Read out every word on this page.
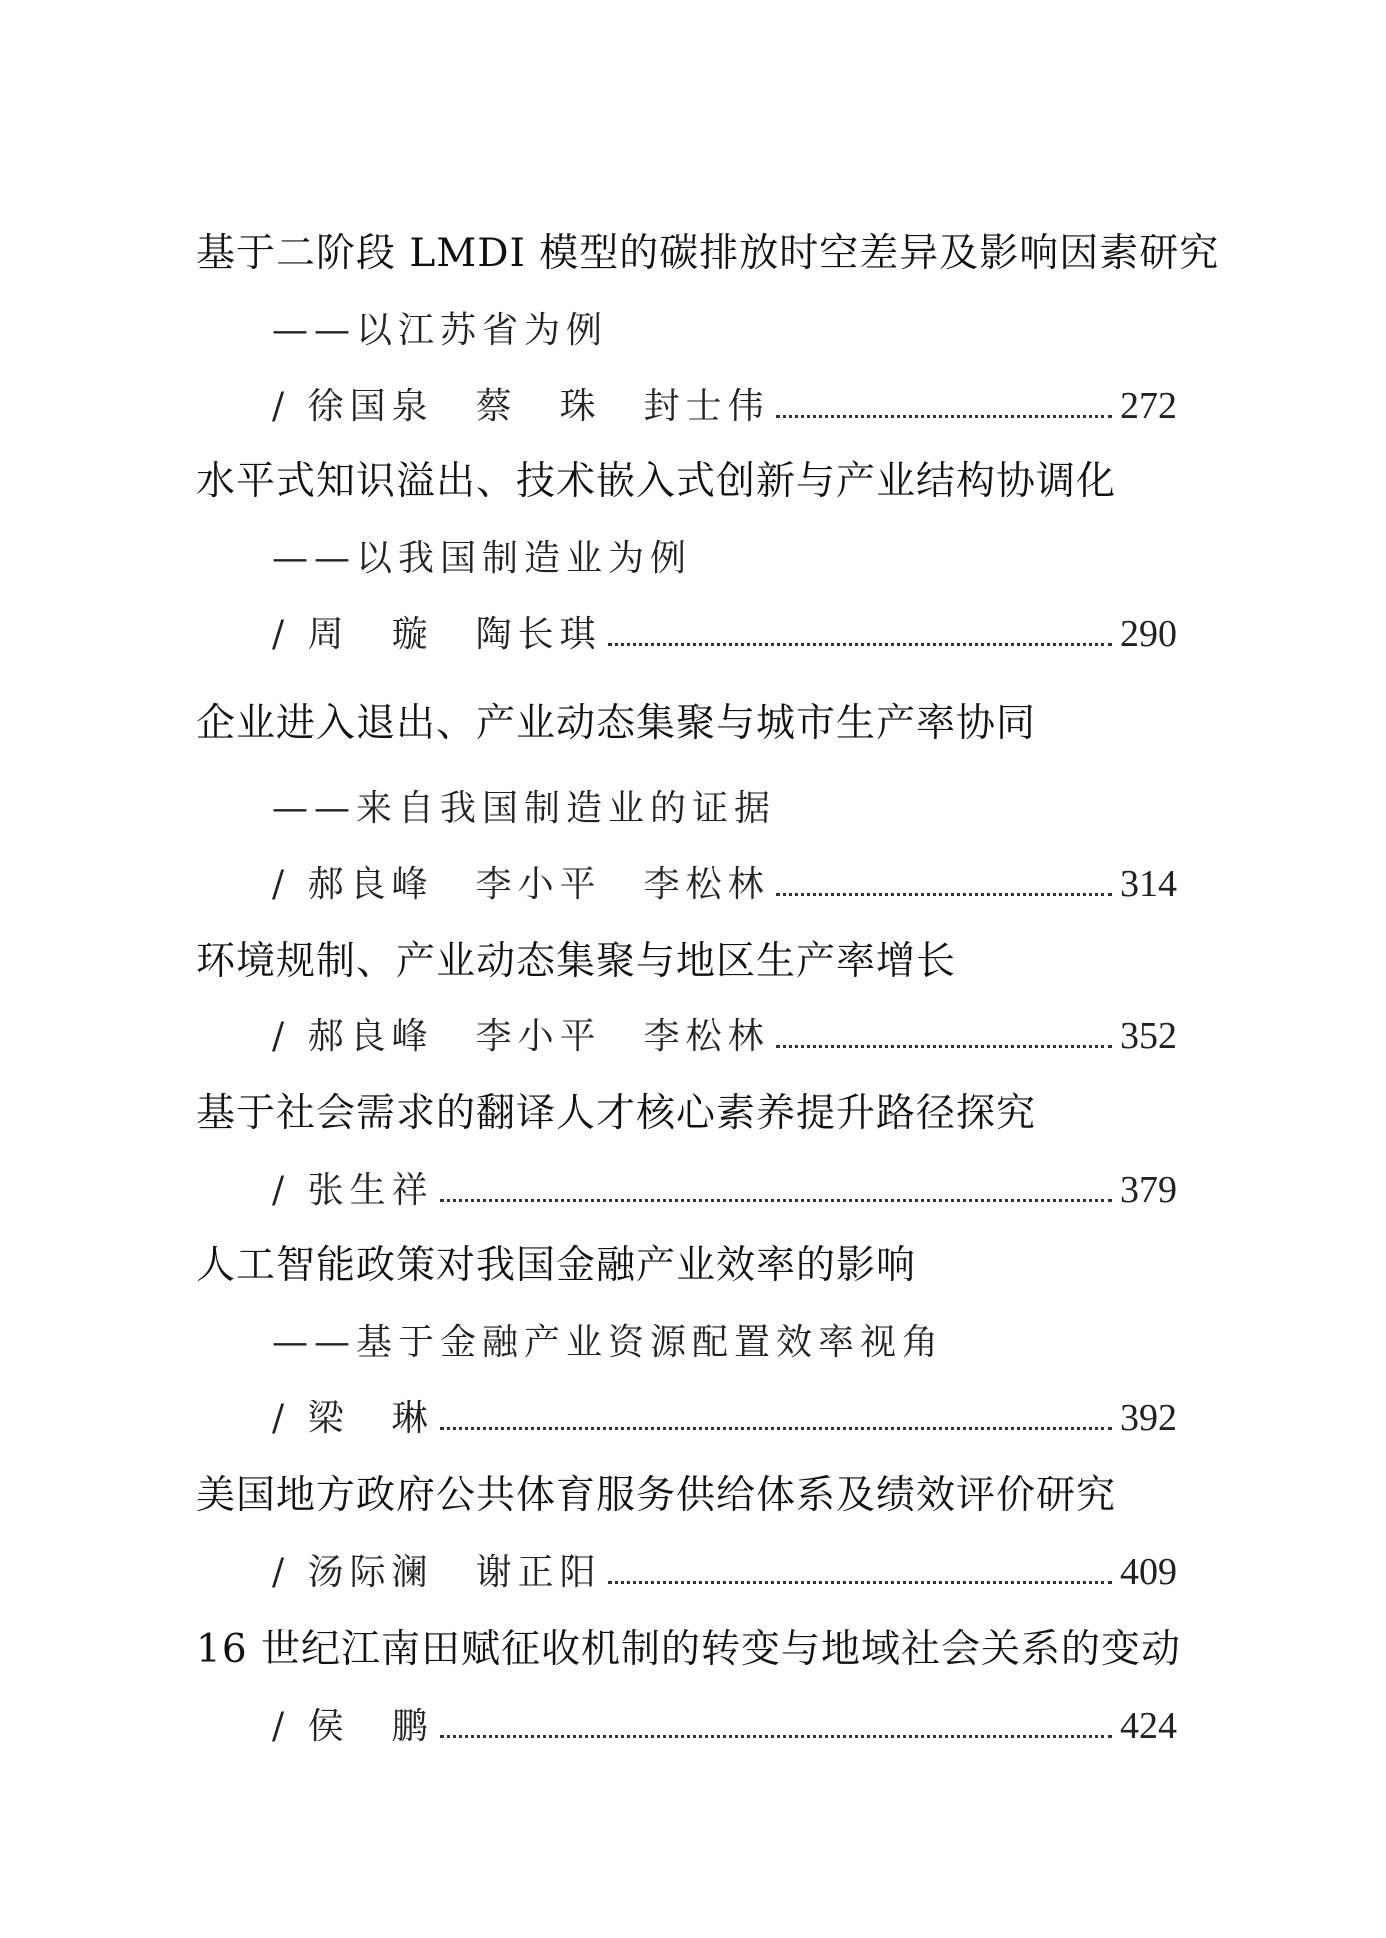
基于二阶段 LMDI 模型的碳排放时空差异及影响因素研究
——以江苏省为例
/ 徐国泉　蔡　珠　封士伟	272
水平式知识溢出、技术嵌入式创新与产业结构协调化
——以我国制造业为例
/ 周　璇　陶长琪	290
企业进入退出、产业动态集聚与城市生产率协同
——来自我国制造业的证据
/ 郝良峰　李小平　李松林	314
环境规制、产业动态集聚与地区生产率增长
/ 郝良峰　李小平　李松林	352
基于社会需求的翻译人才核心素养提升路径探究
/ 张生祥	379
人工智能政策对我国金融产业效率的影响
——基于金融产业资源配置效率视角
/ 梁　琳	392
美国地方政府公共体育服务供给体系及绩效评价研究
/ 汤际澜　谢正阳	409
16 世纪江南田赋征收机制的转变与地域社会关系的变动
/ 侯　鹏	424
